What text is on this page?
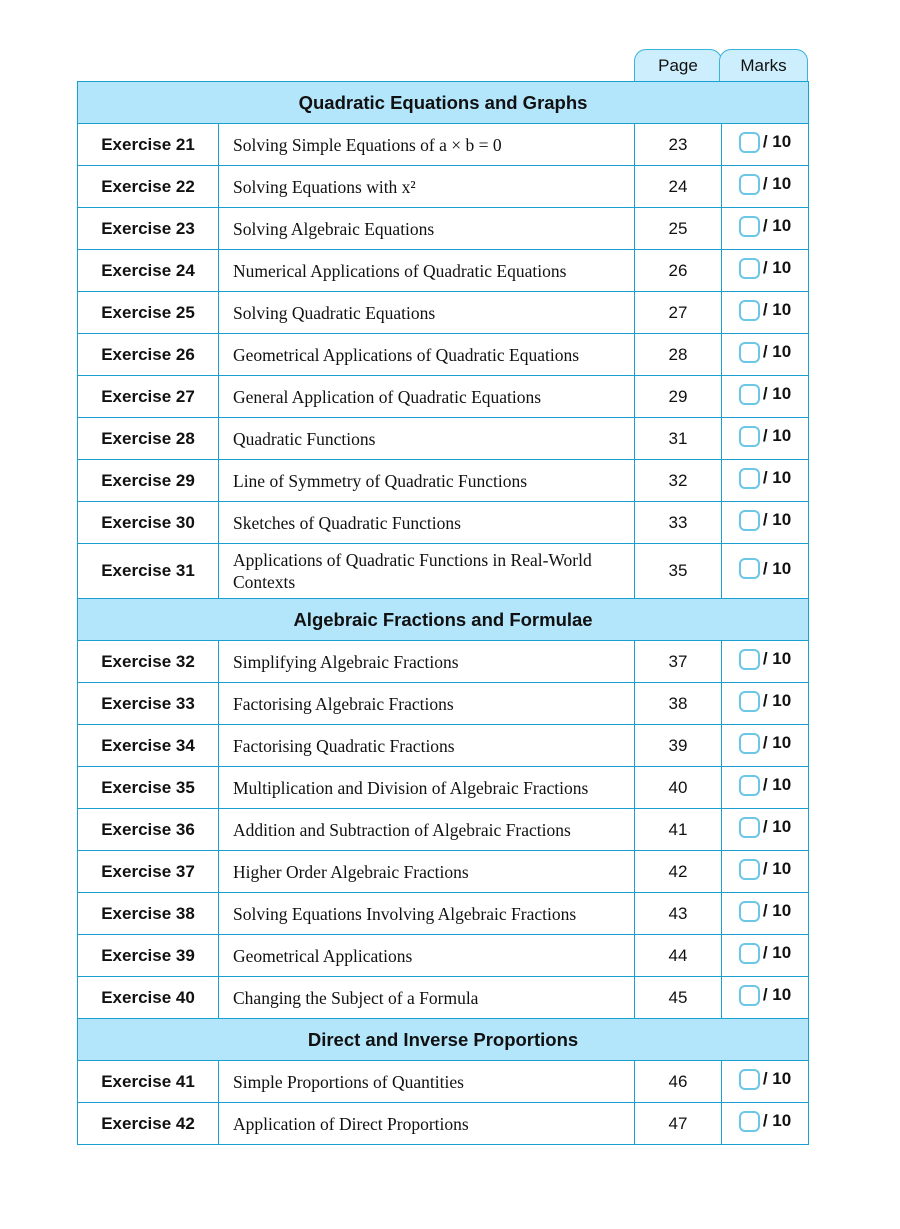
Page	Marks
Quadratic Equations and Graphs			
Exercise 21	Solving Simple Equations of a × b = 0	23	/ 10

Exercise 22	Solving Equations with x²	24	/ 10

Exercise 23	Solving Algebraic Equations	25	/ 10

Exercise 24	Numerical Applications of Quadratic Equations	26	/ 10

Exercise 25	Solving Quadratic Equations	27	/ 10

Exercise 26	Geometrical Applications of Quadratic Equations	28	/ 10

Exercise 27	General Application of Quadratic Equations	29	/ 10

Exercise 28	Quadratic Functions	31	/ 10

Exercise 29	Line of Symmetry of Quadratic Functions	32	/ 10

Exercise 30	Sketches of Quadratic Functions	33	/ 10

Exercise 31	Applications of Quadratic Functions in Real-World Contexts	35	/ 10

Algebraic Fractions and Formulae			
Exercise 32	Simplifying Algebraic Fractions	37	/ 10

Exercise 33	Factorising Algebraic Fractions	38	/ 10

Exercise 34	Factorising Quadratic Fractions	39	/ 10

Exercise 35	Multiplication and Division of Algebraic Fractions	40	/ 10

Exercise 36	Addition and Subtraction of Algebraic Fractions	41	/ 10

Exercise 37	Higher Order Algebraic Fractions	42	/ 10

Exercise 38	Solving Equations Involving Algebraic Fractions	43	/ 10

Exercise 39	Geometrical Applications	44	/ 10

Exercise 40	Changing the Subject of a Formula	45	/ 10

Direct and Inverse Proportions			
Exercise 41	Simple Proportions of Quantities	46	/ 10

Exercise 42	Application of Direct Proportions	47	/ 10
